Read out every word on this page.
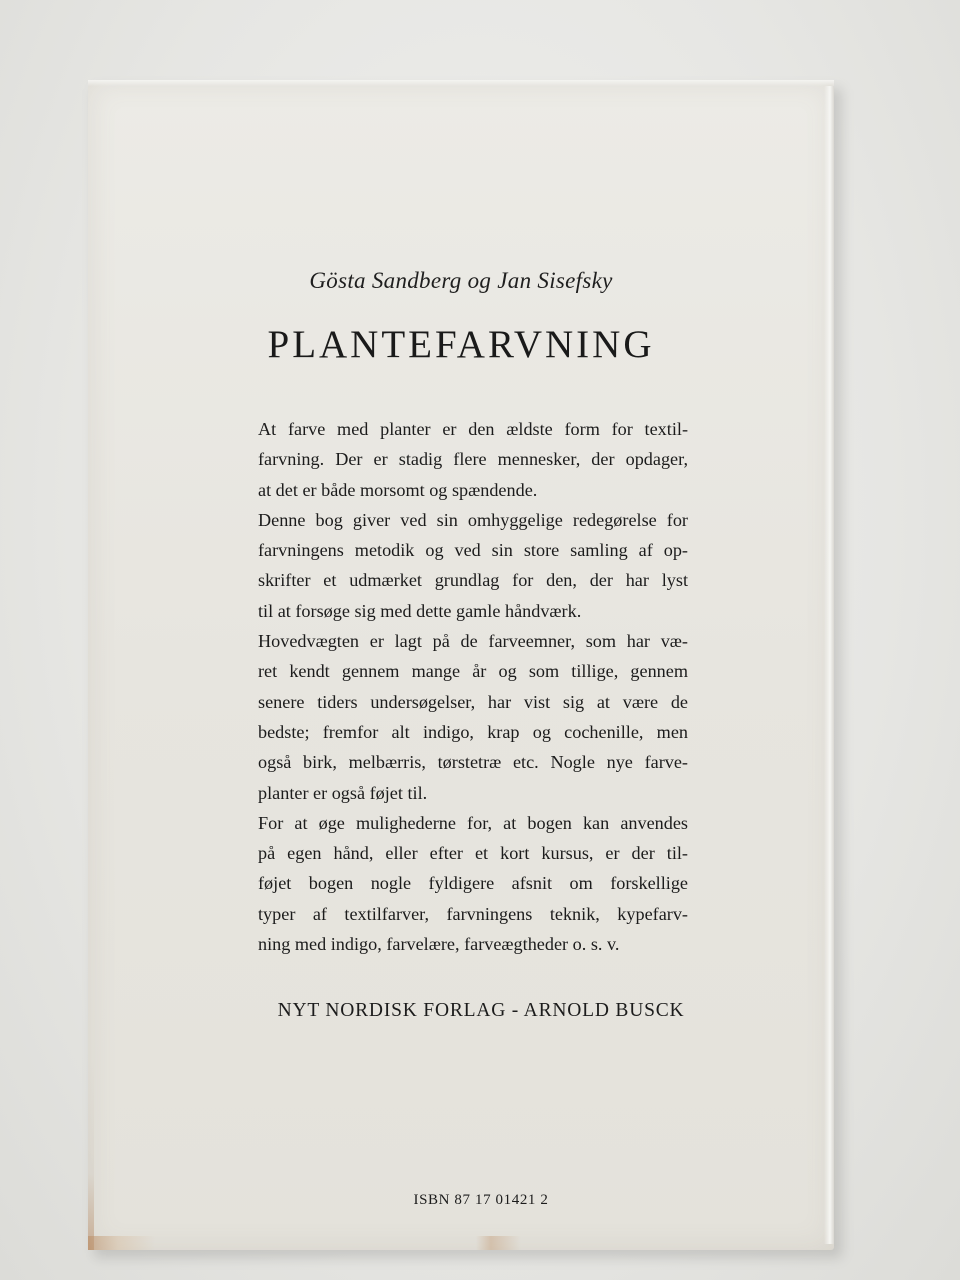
Gösta Sandberg og Jan Sisefsky
PLANTEFARVNING
At farve med planter er den ældste form for textil-
farvning. Der er stadig flere mennesker, der opdager,
at det er både morsomt og spændende.
Denne bog giver ved sin omhyggelige redegørelse for
farvningens metodik og ved sin store samling af op-
skrifter et udmærket grundlag for den, der har lyst
til at forsøge sig med dette gamle håndværk.
Hovedvægten er lagt på de farveemner, som har væ-
ret kendt gennem mange år og som tillige, gennem
senere tiders undersøgelser, har vist sig at være de
bedste; fremfor alt indigo, krap og cochenille, men
også birk, melbærris, tørstetræ etc. Nogle nye farve-
planter er også føjet til.
For at øge mulighederne for, at bogen kan anvendes
på egen hånd, eller efter et kort kursus, er der til-
føjet bogen nogle fyldigere afsnit om forskellige
typer af textilfarver, farvningens teknik, kypefarv-
ning med indigo, farvelære, farveægtheder o. s. v.
NYT NORDISK FORLAG - ARNOLD BUSCK
ISBN 87 17 01421 2
